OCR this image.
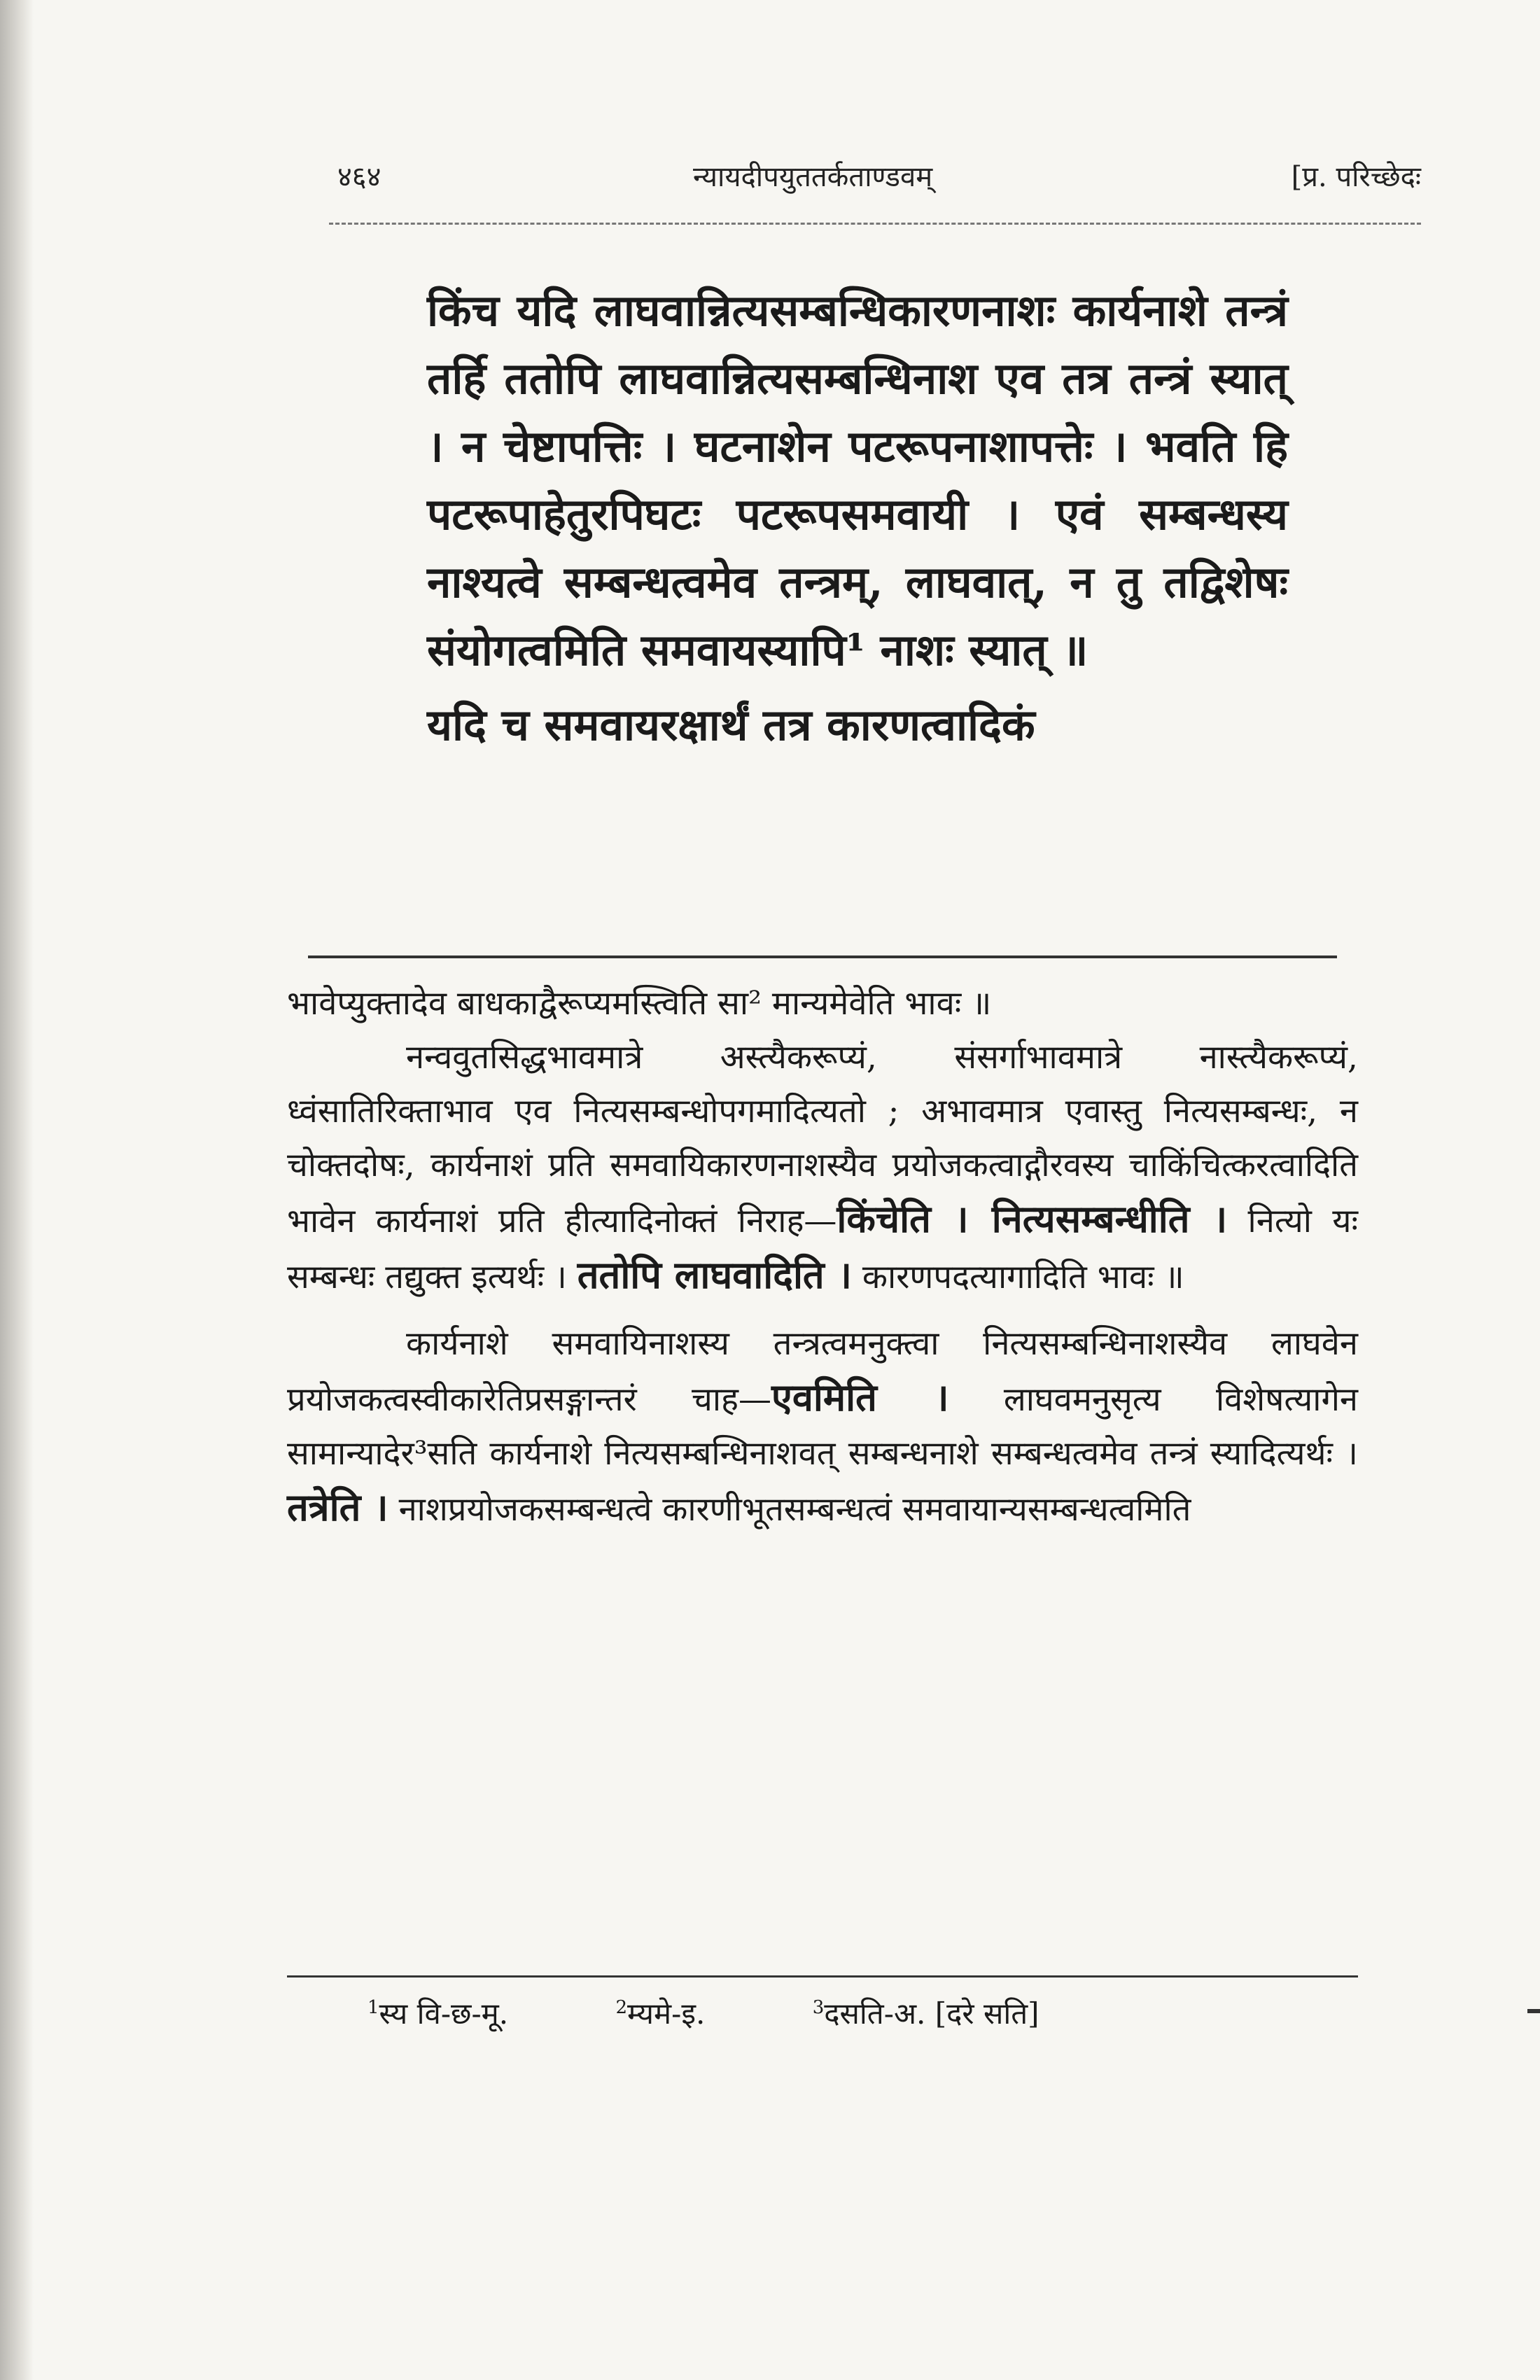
४६४	न्यायदीपयुततर्कताण्डवम्	[प्र. परिच्छेदः

किंच यदि लाघवान्नित्यसम्बन्धिकारणनाशः कार्यनाशे तन्त्रं तर्हि ततोपि लाघवान्नित्यसम्बन्धिनाश एव तत्र तन्त्रं स्यात् । न चेष्टापत्तिः । घटनाशेन पटरूपनाशापत्तेः । भवति हि पटरूपाहेतुरपिघटः पटरूपसमवायी । एवं सम्बन्धस्य नाश्यत्वे सम्बन्धत्वमेव तन्त्रम्, लाघवात्, न तु तद्विशेषः संयोगत्वमिति समवायस्यापि¹ नाशः स्यात् ॥

यदि च समवायरक्षार्थं तत्र कारणत्वादिकं

भावेप्युक्तादेव बाधकाद्वैरूप्यमस्त्विति सा² मान्यमेवेति भावः ॥

नन्ववुतसिद्धभावमात्रे अस्त्यैकरूप्यं, संसर्गाभावमात्रे नास्त्यैकरूप्यं, ध्वंसातिरिक्ताभाव एव नित्यसम्बन्धोपगमादित्यतो ; अभावमात्र एवास्तु नित्यसम्बन्धः, न चोक्तदोषः, कार्यनाशं प्रति समवायिकारणनाशस्यैव प्रयोजकत्वाद्गौरवस्य चाकिंचित्करत्वादिति भावेन कार्यनाशं प्रति हीत्यादिनोक्तं निराह—किंचेति । नित्यसम्बन्धीति । नित्यो यः सम्बन्धः तद्युक्त इत्यर्थः । ततोपि लाघवादिति । कारणपदत्यागादिति भावः ॥

कार्यनाशे समवायिनाशस्य तन्त्रत्वमनुक्त्वा नित्यसम्बन्धिनाशस्यैव लाघवेन प्रयोजकत्वस्वीकारेतिप्रसङ्गान्तरं चाह—एवमिति । लाघवमनुसृत्य विशेषत्यागेन सामान्यादेर³सति कार्यनाशे नित्यसम्बन्धिनाशवत् सम्बन्धनाशे सम्बन्धत्वमेव तन्त्रं स्यादित्यर्थः । तत्रेति । नाशप्रयोजकसम्बन्धत्वे कारणीभूतसम्बन्धत्वं समवायान्यसम्बन्धत्वमिति

$^1$स्य वि-छ-मू.	$^2$म्यमे-इ.	$^3$दसति-अ. [दरे सति]
